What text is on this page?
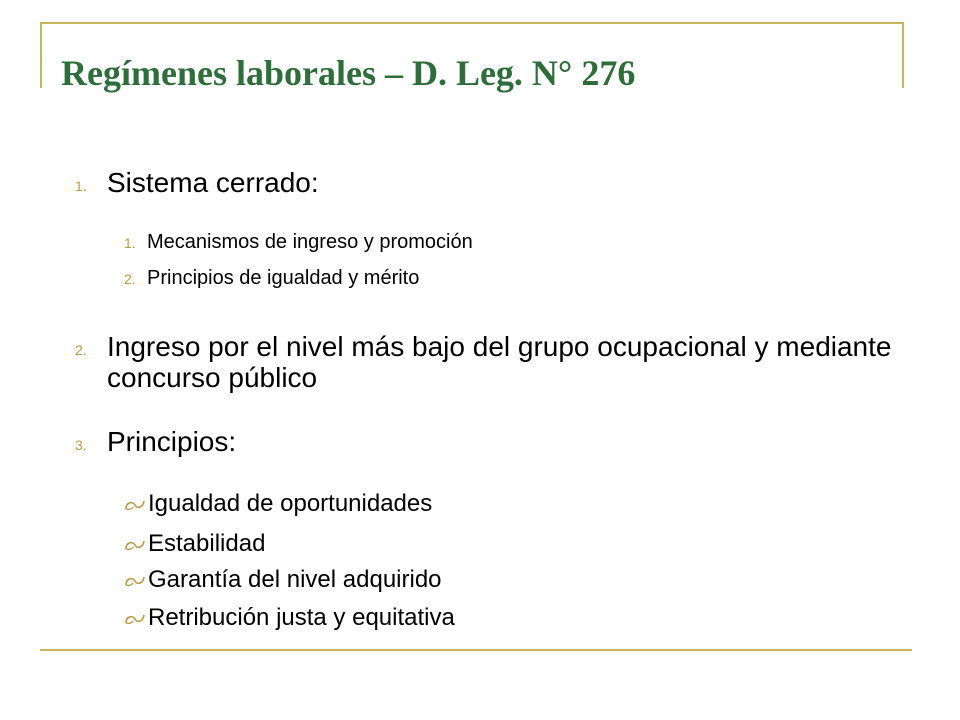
Regímenes laborales – D. Leg. N° 276
1. Sistema cerrado:
1. Mecanismos de ingreso y promoción
2. Principios de igualdad y mérito
2. Ingreso por el nivel más bajo del grupo ocupacional y mediante concurso público
3. Principios:
Igualdad de oportunidades
Estabilidad
Garantía del nivel adquirido
Retribución justa y equitativa
